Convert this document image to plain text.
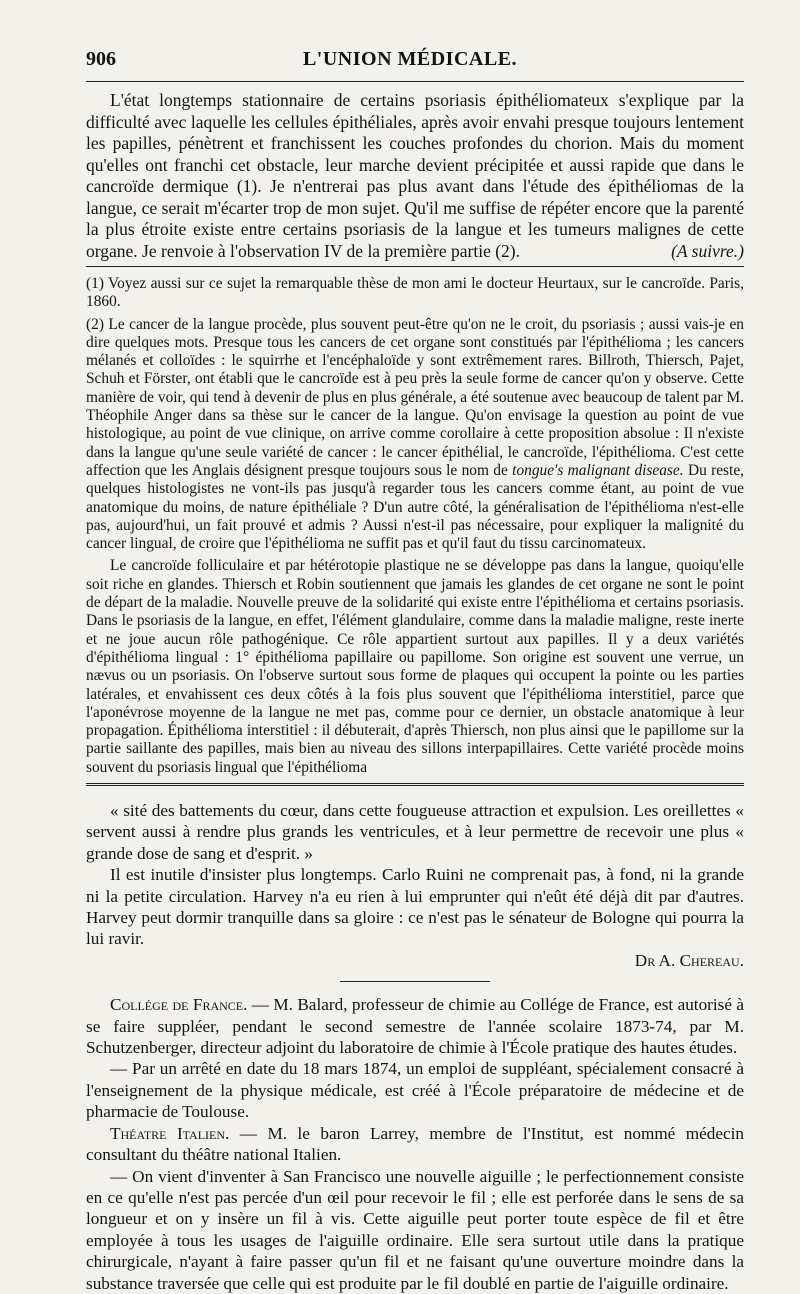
906	L'UNION MÉDICALE.

L'état longtemps stationnaire de certains psoriasis épithéliomateux s'explique par la difficulté avec laquelle les cellules épithéliales, après avoir envahi presque toujours lentement les papilles, pénètrent et franchissent les couches profondes du chorion. Mais du moment qu'elles ont franchi cet obstacle, leur marche devient précipitée et aussi rapide que dans le cancroïde dermique (1). Je n'entrerai pas plus avant dans l'étude des épithéliomas de la langue, ce serait m'écarter trop de mon sujet. Qu'il me suffise de répéter encore que la parenté la plus étroite existe entre certains psoriasis de la langue et les tumeurs malignes de cette organe. Je renvoie à l'observation IV de la première partie (2).	(A suivre.)

(1) Voyez aussi sur ce sujet la remarquable thèse de mon ami le docteur Heurtaux, sur le cancroïde. Paris, 1860.

(2) Le cancer de la langue procède, plus souvent peut-être qu'on ne le croit, du psoriasis ; aussi vais-je en dire quelques mots. Presque tous les cancers de cet organe sont constitués par l'épithélioma ; les cancers mélanés et colloïdes : le squirrhe et l'encéphaloïde y sont extrêmement rares. Billroth, Thiersch, Pajet, Schuh et Förster, ont établi que le cancroïde est à peu près la seule forme de cancer qu'on y observe. Cette manière de voir, qui tend à devenir de plus en plus générale, a été soutenue avec beaucoup de talent par M. Théophile Anger dans sa thèse sur le cancer de la langue. Qu'on envisage la question au point de vue histologique, au point de vue clinique, on arrive comme corollaire à cette proposition absolue : Il n'existe dans la langue qu'une seule variété de cancer : le cancer épithélial, le cancroïde, l'épithélioma. C'est cette affection que les Anglais désignent presque toujours sous le nom de tongue's malignant disease. Du reste, quelques histologistes ne vont-ils pas jusqu'à regarder tous les cancers comme étant, au point de vue anatomique du moins, de nature épithéliale ? D'un autre côté, la généralisation de l'épithélioma n'est-elle pas, aujourd'hui, un fait prouvé et admis ? Aussi n'est-il pas nécessaire, pour expliquer la malignité du cancer lingual, de croire que l'épithélioma ne suffit pas et qu'il faut du tissu carcinomateux.

Le cancroïde folliculaire et par hétérotopie plastique ne se développe pas dans la langue, quoiqu'elle soit riche en glandes. Thiersch et Robin soutiennent que jamais les glandes de cet organe ne sont le point de départ de la maladie. Nouvelle preuve de la solidarité qui existe entre l'épithélioma et certains psoriasis. Dans le psoriasis de la langue, en effet, l'élément glandulaire, comme dans la maladie maligne, reste inerte et ne joue aucun rôle pathogénique. Ce rôle appartient surtout aux papilles. Il y a deux variétés d'épithélioma lingual : 1° épithélioma papillaire ou papillome. Son origine est souvent une verrue, un nævus ou un psoriasis. On l'observe surtout sous forme de plaques qui occupent la pointe ou les parties latérales, et envahissent ces deux côtés à la fois plus souvent que l'épithélioma interstitiel, parce que l'aponévrose moyenne de la langue ne met pas, comme pour ce dernier, un obstacle anatomique à leur propagation. Épithélioma interstitiel : il débuterait, d'après Thiersch, non plus ainsi que le papillome sur la partie saillante des papilles, mais bien au niveau des sillons interpapillaires. Cette variété procède moins souvent du psoriasis lingual que l'épithélioma

« sité des battements du cœur, dans cette fougueuse attraction et expulsion. Les oreillettes « servent aussi à rendre plus grands les ventricules, et à leur permettre de recevoir une plus « grande dose de sang et d'esprit. »

Il est inutile d'insister plus longtemps. Carlo Ruini ne comprenait pas, à fond, ni la grande ni la petite circulation. Harvey n'a eu rien à lui emprunter qui n'eût été déjà dit par d'autres. Harvey peut dormir tranquille dans sa gloire : ce n'est pas le sénateur de Bologne qui pourra la lui ravir.

Dr A. Chereau.

Collége de France. — M. Balard, professeur de chimie au Collége de France, est autorisé à se faire suppléer, pendant le second semestre de l'année scolaire 1873-74, par M. Schutzenberger, directeur adjoint du laboratoire de chimie à l'École pratique des hautes études.

— Par un arrêté en date du 18 mars 1874, un emploi de suppléant, spécialement consacré à l'enseignement de la physique médicale, est créé à l'École préparatoire de médecine et de pharmacie de Toulouse.

Théatre Italien. — M. le baron Larrey, membre de l'Institut, est nommé médecin consultant du théâtre national Italien.

— On vient d'inventer à San Francisco une nouvelle aiguille ; le perfectionnement consiste en ce qu'elle n'est pas percée d'un œil pour recevoir le fil ; elle est perforée dans le sens de sa longueur et on y insère un fil à vis. Cette aiguille peut porter toute espèce de fil et être employée à tous les usages de l'aiguille ordinaire. Elle sera surtout utile dans la pratique chirurgicale, n'ayant à faire passer qu'un fil et ne faisant qu'une ouverture moindre dans la substance traversée que celle qui est produite par le fil doublé en partie de l'aiguille ordinaire.
